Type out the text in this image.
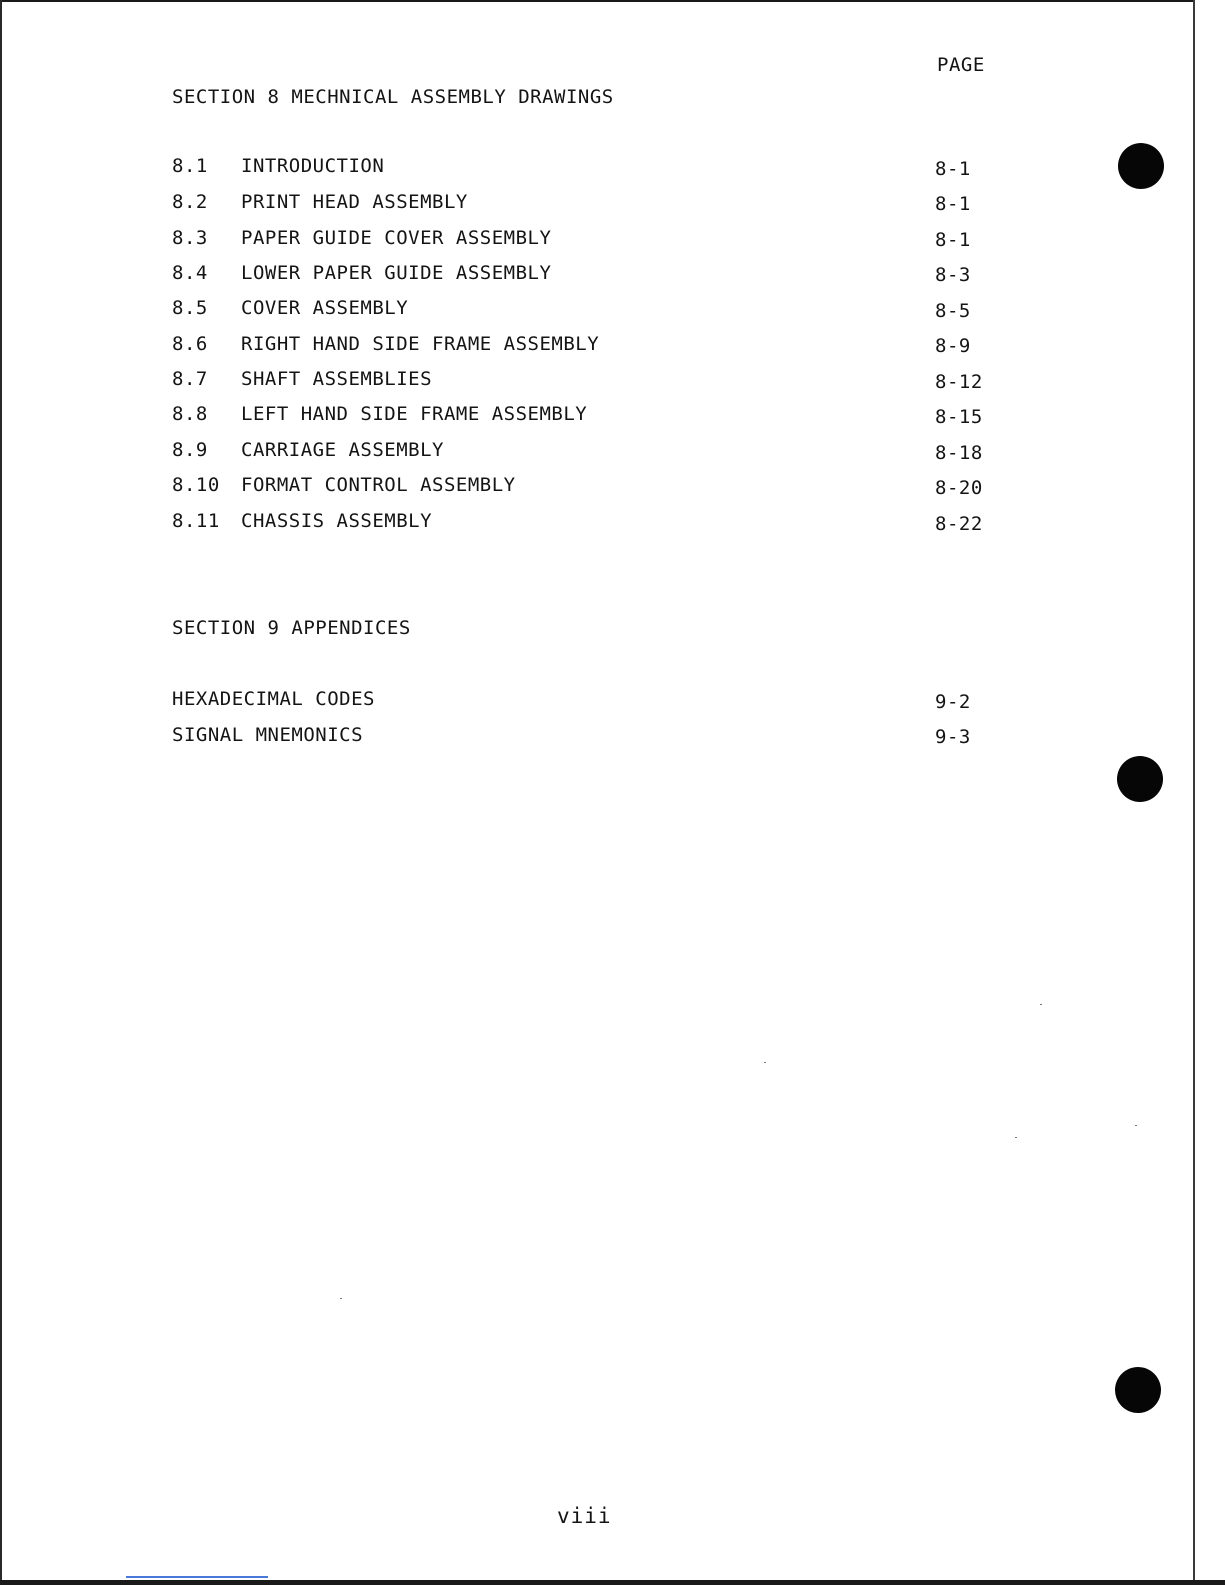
PAGE
SECTION 8 MECHNICAL ASSEMBLY DRAWINGS
8.1 INTRODUCTION	8-1
8.2 PRINT HEAD ASSEMBLY	8-1
8.3 PAPER GUIDE COVER ASSEMBLY	8-1
8.4 LOWER PAPER GUIDE ASSEMBLY	8-3
8.5 COVER ASSEMBLY	8-5
8.6 RIGHT HAND SIDE FRAME ASSEMBLY	8-9
8.7 SHAFT ASSEMBLIES	8-12
8.8 LEFT HAND SIDE FRAME ASSEMBLY	8-15
8.9 CARRIAGE ASSEMBLY	8-18
8.10 FORMAT CONTROL ASSEMBLY	8-20
8.11 CHASSIS ASSEMBLY	8-22
SECTION 9 APPENDICES
HEXADECIMAL CODES	9-2
SIGNAL MNEMONICS	9-3
viii
